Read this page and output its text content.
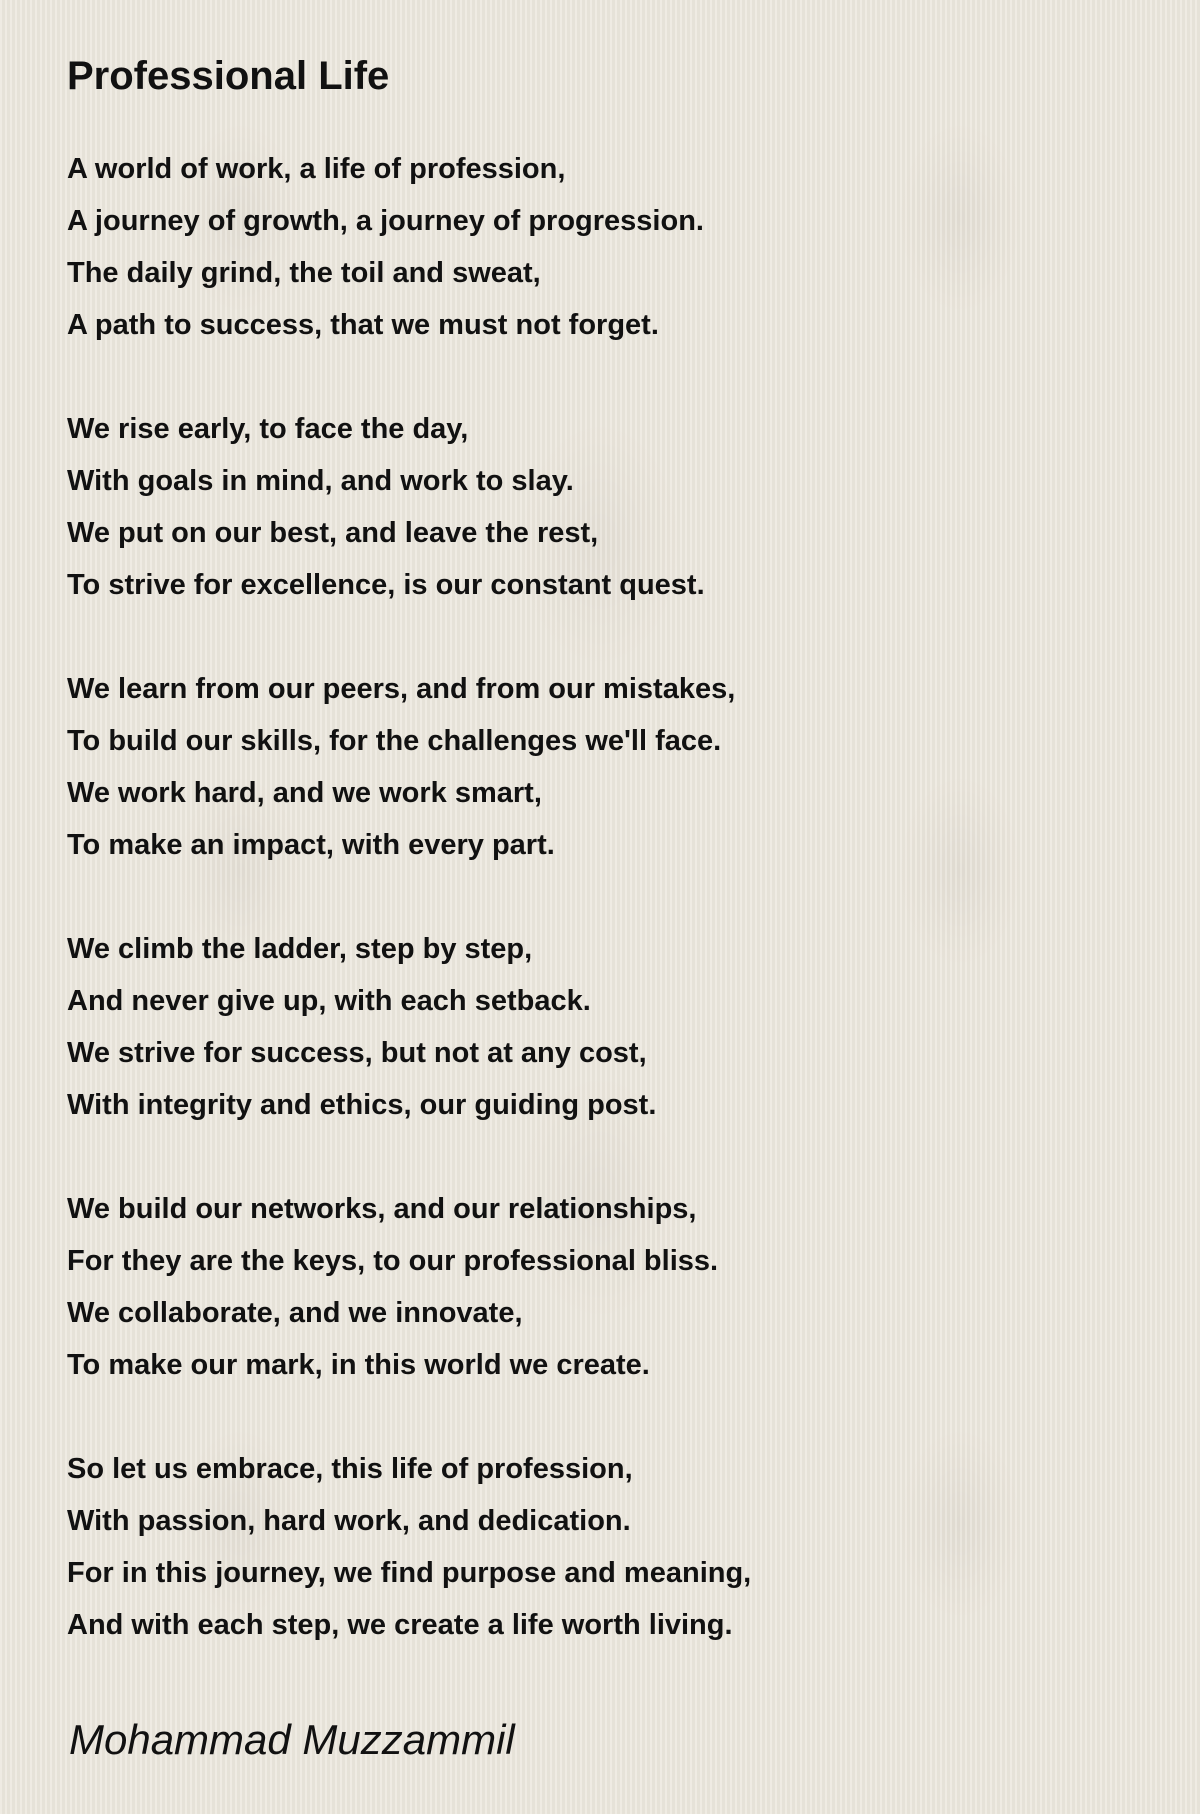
Professional Life
A world of work, a life of profession,
A journey of growth, a journey of progression.
The daily grind, the toil and sweat,
A path to success, that we must not forget.
We rise early, to face the day,
With goals in mind, and work to slay.
We put on our best, and leave the rest,
To strive for excellence, is our constant quest.
We learn from our peers, and from our mistakes,
To build our skills, for the challenges we'll face.
We work hard, and we work smart,
To make an impact, with every part.
We climb the ladder, step by step,
And never give up, with each setback.
We strive for success, but not at any cost,
With integrity and ethics, our guiding post.
We build our networks, and our relationships,
For they are the keys, to our professional bliss.
We collaborate, and we innovate,
To make our mark, in this world we create.
So let us embrace, this life of profession,
With passion, hard work, and dedication.
For in this journey, we find purpose and meaning,
And with each step, we create a life worth living.
Mohammad Muzzammil
